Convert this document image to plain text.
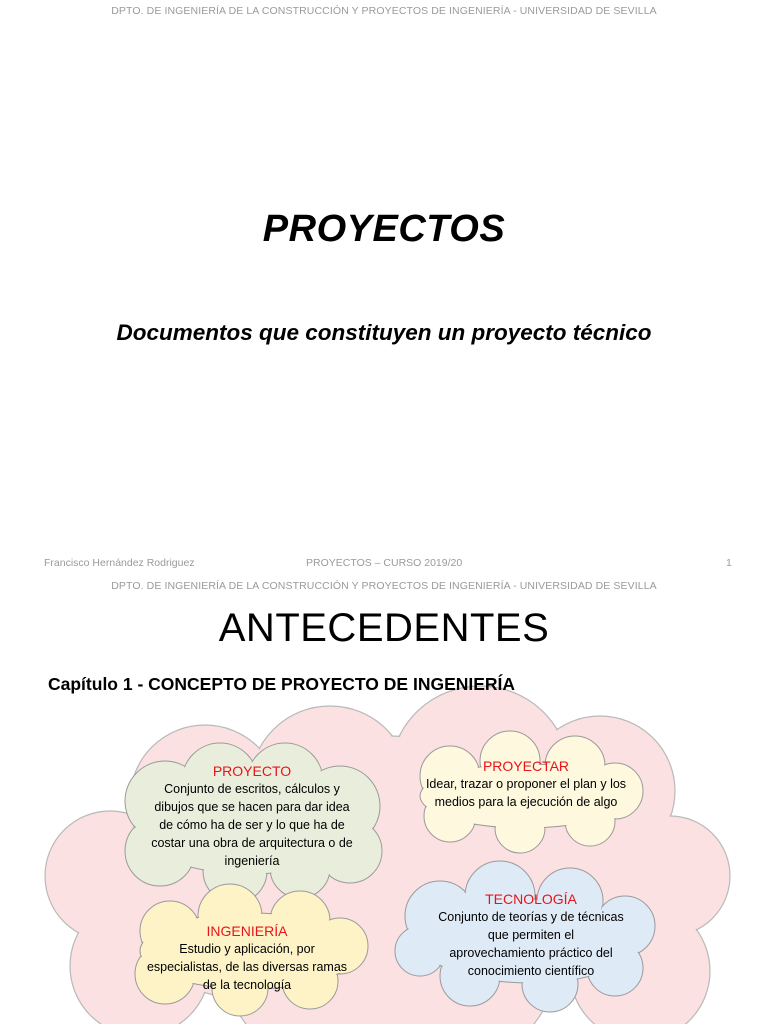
DPTO. DE INGENIERÍA DE LA CONSTRUCCIÓN Y PROYECTOS DE INGENIERÍA - UNIVERSIDAD DE SEVILLA
PROYECTOS
Documentos que constituyen un proyecto técnico
Francisco Hernández Rodriguez	PROYECTOS – CURSO 2019/20	1
DPTO. DE INGENIERÍA DE LA CONSTRUCCIÓN Y PROYECTOS DE INGENIERÍA - UNIVERSIDAD DE SEVILLA
ANTECEDENTES
Capítulo 1 - CONCEPTO DE PROYECTO DE INGENIERÍA
PROYECTO
Conjunto de escritos, cálculos y
dibujos que se hacen para dar idea
de cómo ha de ser y lo que ha de
costar una obra de arquitectura o de
ingeniería
PROYECTAR
Idear, trazar o proponer el plan y los
medios para la ejecución de algo
INGENIERÍA
Estudio y aplicación, por
especialistas, de las diversas ramas
de la tecnología
TECNOLOGÍA
Conjunto de teorías y de técnicas
que permiten el
aprovechamiento práctico del
conocimiento científico
